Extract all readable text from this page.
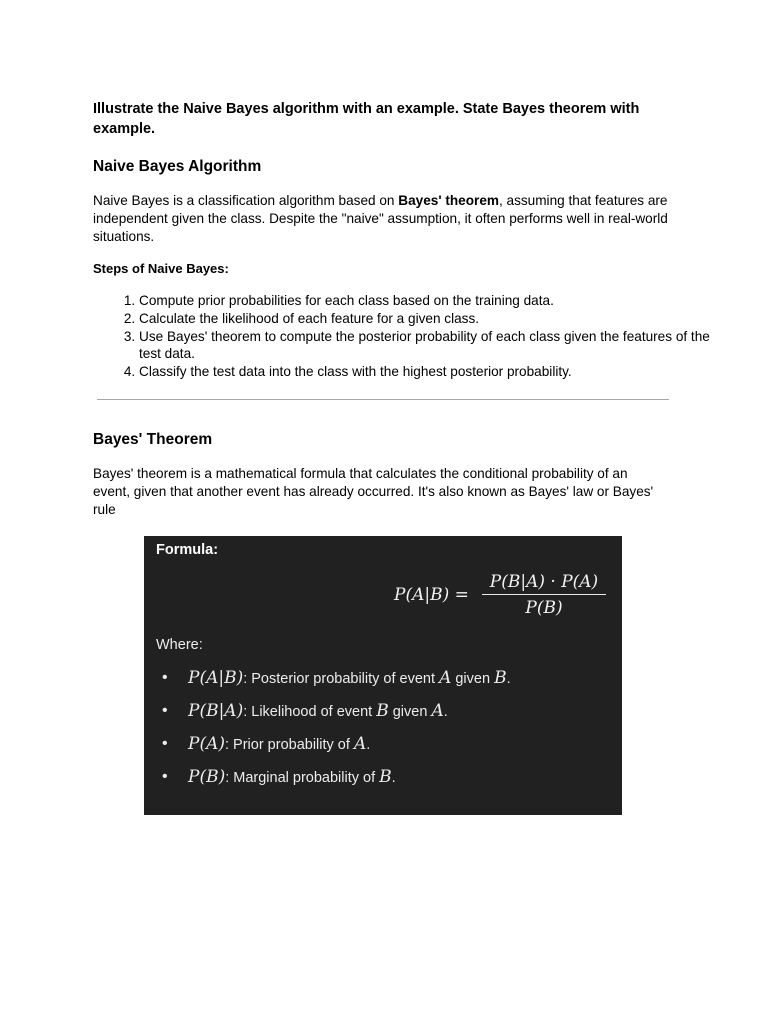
Illustrate the Naive Bayes algorithm with an example. State Bayes theorem with example.
Naive Bayes Algorithm
Naive Bayes is a classification algorithm based on Bayes' theorem, assuming that features are independent given the class. Despite the "naive" assumption, it often performs well in real-world situations.
Steps of Naive Bayes:
1. Compute prior probabilities for each class based on the training data.
2. Calculate the likelihood of each feature for a given class.
3. Use Bayes' theorem to compute the posterior probability of each class given the features of the test data.
4. Classify the test data into the class with the highest posterior probability.
Bayes' Theorem
Bayes' theorem is a mathematical formula that calculates the conditional probability of an event, given that another event has already occurred. It's also known as Bayes' law or Bayes' rule
Formula:
P(A|B) =
P(B|A) · P(A)
P(B)
Where:
• P(A|B): Posterior probability of event A given B.
• P(B|A): Likelihood of event B given A.
• P(A): Prior probability of A.
• P(B): Marginal probability of B.
